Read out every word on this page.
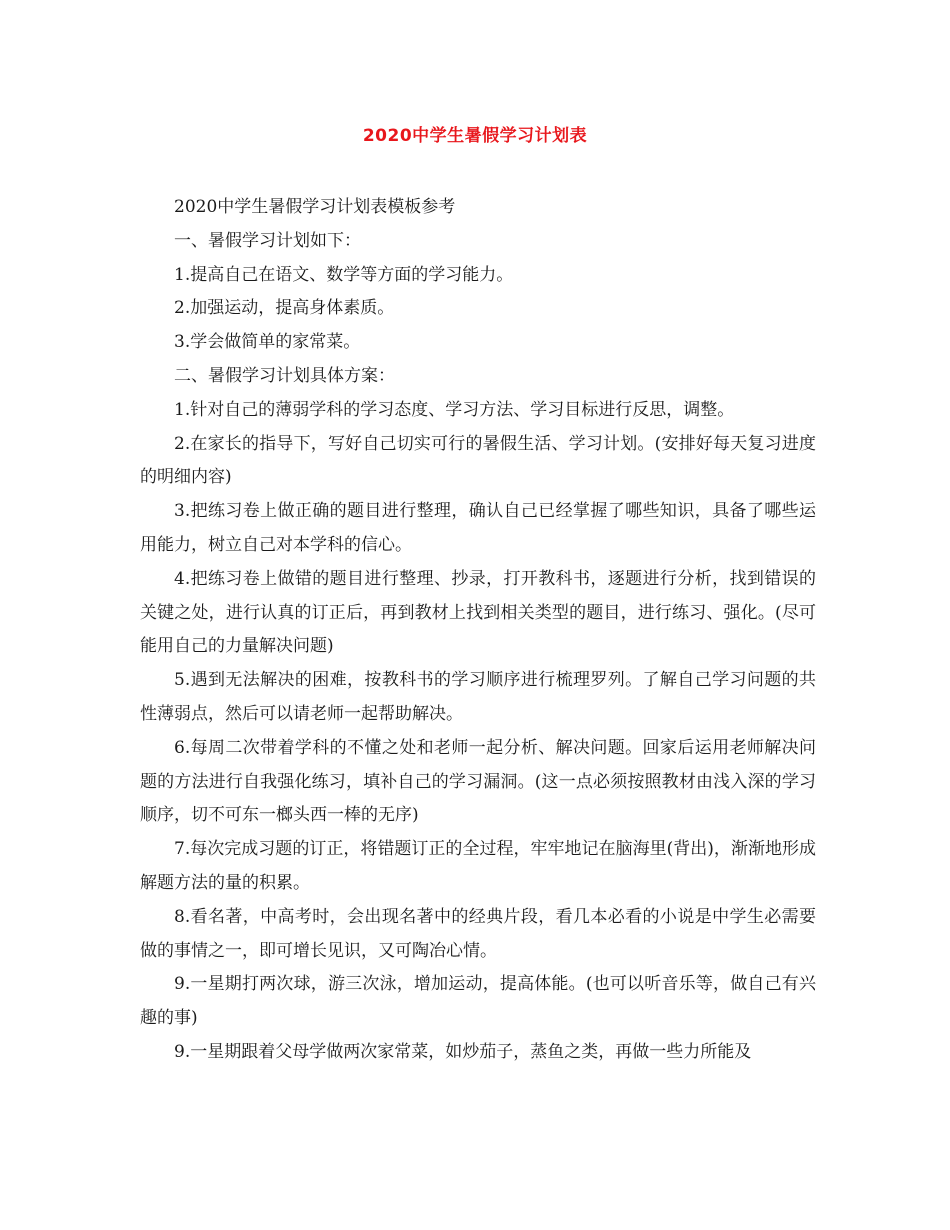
2020中学生暑假学习计划表

2020中学生暑假学习计划表模板参考

一、暑假学习计划如下：

1.提高自己在语文、数学等方面的学习能力。

2.加强运动，提高身体素质。

3.学会做简单的家常菜。

二、暑假学习计划具体方案：

1.针对自己的薄弱学科的学习态度、学习方法、学习目标进行反思，调整。

2.在家长的指导下，写好自己切实可行的暑假生活、学习计划。(安排好每天复习进度的明细内容)

3.把练习卷上做正确的题目进行整理，确认自己已经掌握了哪些知识，具备了哪些运用能力，树立自己对本学科的信心。

4.把练习卷上做错的题目进行整理、抄录，打开教科书，逐题进行分析，找到错误的关键之处，进行认真的订正后，再到教材上找到相关类型的题目，进行练习、强化。(尽可能用自己的力量解决问题)

5.遇到无法解决的困难，按教科书的学习顺序进行梳理罗列。了解自己学习问题的共性薄弱点，然后可以请老师一起帮助解决。

6.每周二次带着学科的不懂之处和老师一起分析、解决问题。回家后运用老师解决问题的方法进行自我强化练习，填补自己的学习漏洞。(这一点必须按照教材由浅入深的学习顺序，切不可东一榔头西一棒的无序)

7.每次完成习题的订正，将错题订正的全过程，牢牢地记在脑海里(背出)，渐渐地形成解题方法的量的积累。

8.看名著，中高考时，会出现名著中的经典片段，看几本必看的小说是中学生必需要做的事情之一，即可增长见识，又可陶冶心情。

9.一星期打两次球，游三次泳，增加运动，提高体能。(也可以听音乐等，做自己有兴趣的事)

9.一星期跟着父母学做两次家常菜，如炒茄子，蒸鱼之类，再做一些力所能及
